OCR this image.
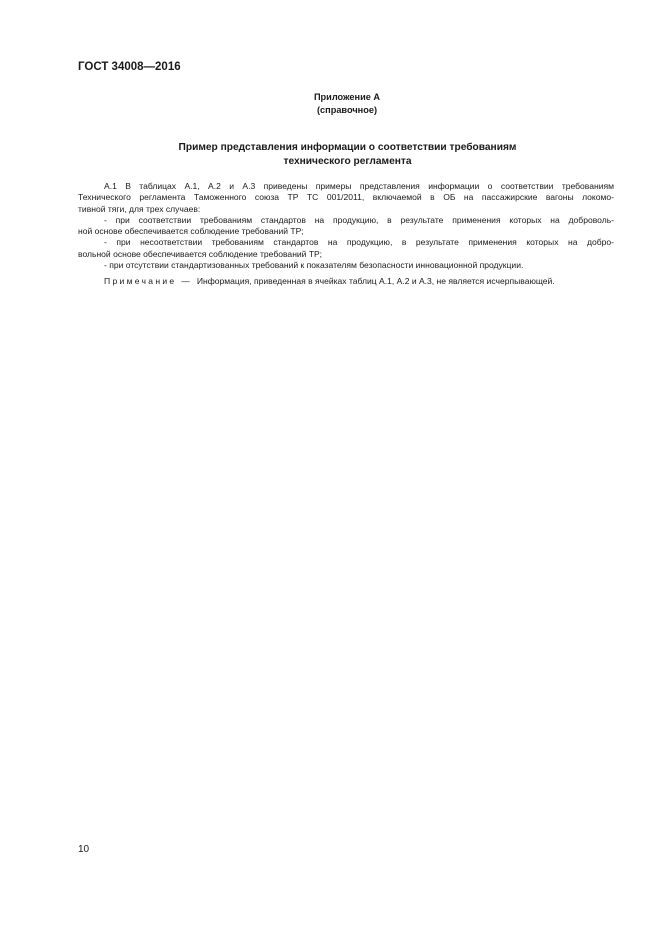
ГОСТ 34008—2016
Приложение А
(справочное)
Пример представления информации о соответствии требованиям
технического регламента
А.1 В таблицах А.1, А.2 и А.3 приведены примеры представления информации о соответствии требованиям
Технического регламента Таможенного союза ТР ТС 001/2011, включаемой в ОБ на пассажирские вагоны локомо-
тивной тяги, для трех случаев:
- при соответствии требованиям стандартов на продукцию, в результате применения которых на доброволь-
ной основе обеспечивается соблюдение требований ТР;
- при несоответствии требованиям стандартов на продукцию, в результате применения которых на добро-
вольной основе обеспечивается соблюдение требований ТР;
- при отсутствии стандартизованных требований к показателям безопасности инновационной продукции.
Примечание — Информация, приведенная в ячейках таблиц А.1, А.2 и А.3, не является исчерпывающей.
10
